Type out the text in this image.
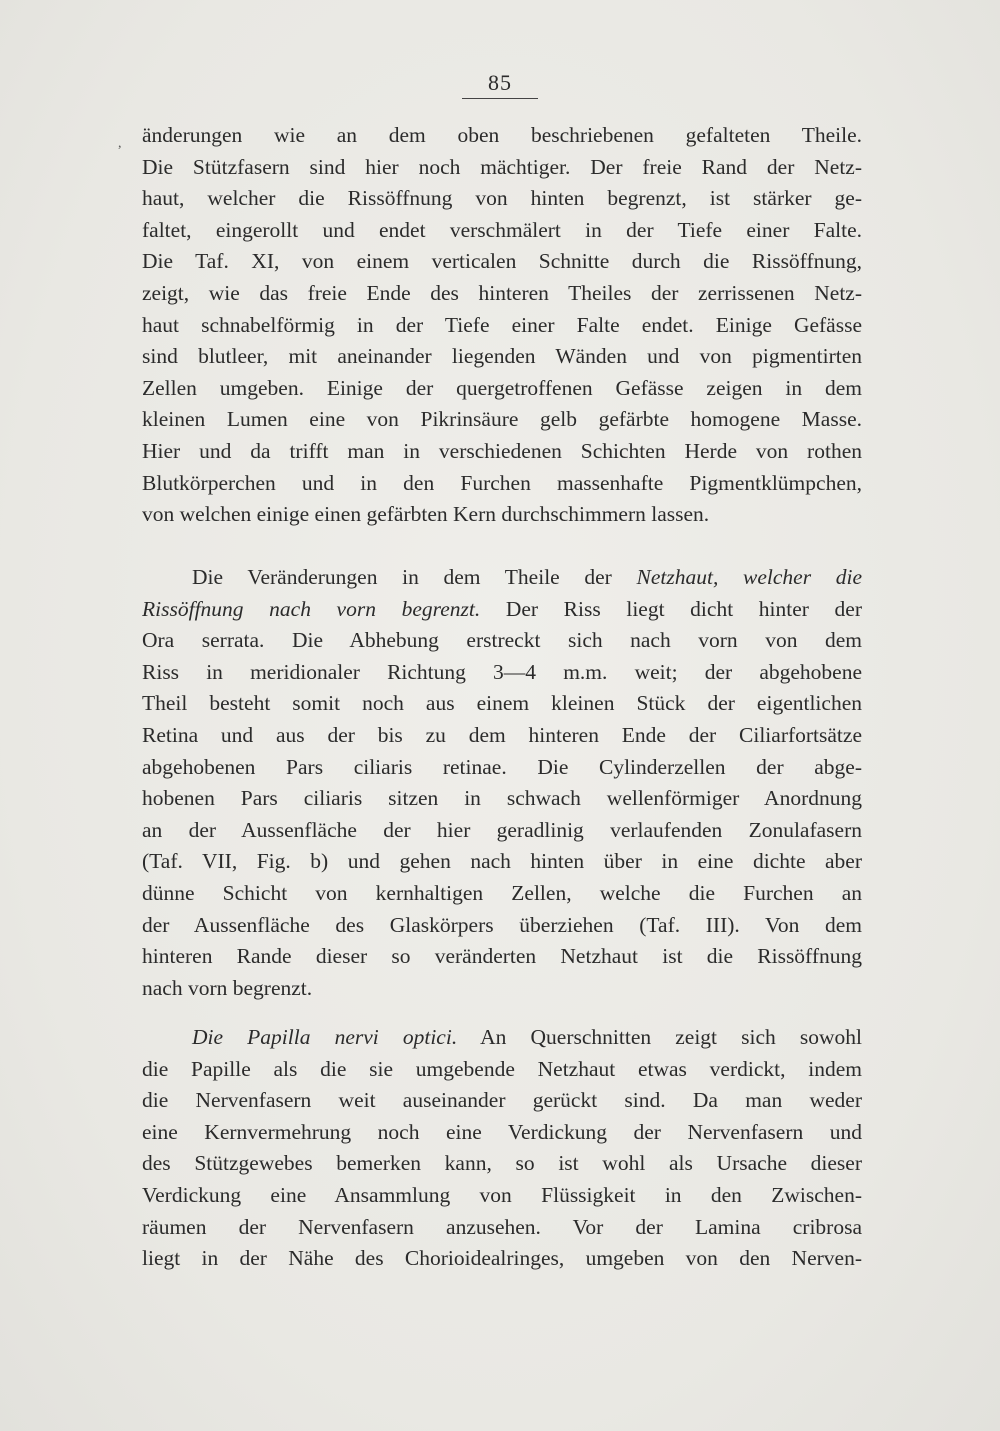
85
, änderungen wie an dem oben beschriebenen gefalteten Theile.
Die Stützfasern sind hier noch mächtiger. Der freie Rand der Netz-
haut, welcher die Rissöffnung von hinten begrenzt, ist stärker ge-
faltet, eingerollt und endet verschmälert in der Tiefe einer Falte.
Die Taf. XI, von einem verticalen Schnitte durch die Rissöffnung,
zeigt, wie das freie Ende des hinteren Theiles der zerrissenen Netz-
haut schnabelförmig in der Tiefe einer Falte endet. Einige Gefässe
sind blutleer, mit aneinander liegenden Wänden und von pigmentirten
Zellen umgeben. Einige der quergetroffenen Gefässe zeigen in dem
kleinen Lumen eine von Pikrinsäure gelb gefärbte homogene Masse.
Hier und da trifft man in verschiedenen Schichten Herde von rothen
Blutkörperchen und in den Furchen massenhafte Pigmentklümpchen,
von welchen einige einen gefärbten Kern durchschimmern lassen.
Die Veränderungen in dem Theile der Netzhaut, welcher die
Rissöffnung nach vorn begrenzt. Der Riss liegt dicht hinter der
Ora serrata. Die Abhebung erstreckt sich nach vorn von dem
Riss in meridionaler Richtung 3—4 m.m. weit; der abgehobene
Theil besteht somit noch aus einem kleinen Stück der eigentlichen
Retina und aus der bis zu dem hinteren Ende der Ciliarfortsätze
abgehobenen Pars ciliaris retinae. Die Cylinderzellen der abge-
hobenen Pars ciliaris sitzen in schwach wellenförmiger Anordnung
an der Aussenfläche der hier geradlinig verlaufenden Zonulafasern
(Taf. VII, Fig. b) und gehen nach hinten über in eine dichte aber
dünne Schicht von kernhaltigen Zellen, welche die Furchen an
der Aussenfläche des Glaskörpers überziehen (Taf. III). Von dem
hinteren Rande dieser so veränderten Netzhaut ist die Rissöffnung
nach vorn begrenzt.
Die Papilla nervi optici. An Querschnitten zeigt sich sowohl
die Papille als die sie umgebende Netzhaut etwas verdickt, indem
die Nervenfasern weit auseinander gerückt sind. Da man weder
eine Kernvermehrung noch eine Verdickung der Nervenfasern und
des Stützgewebes bemerken kann, so ist wohl als Ursache dieser
Verdickung eine Ansammlung von Flüssigkeit in den Zwischen-
räumen der Nervenfasern anzusehen. Vor der Lamina cribrosa
liegt in der Nähe des Chorioidealringes, umgeben von den Nerven-
